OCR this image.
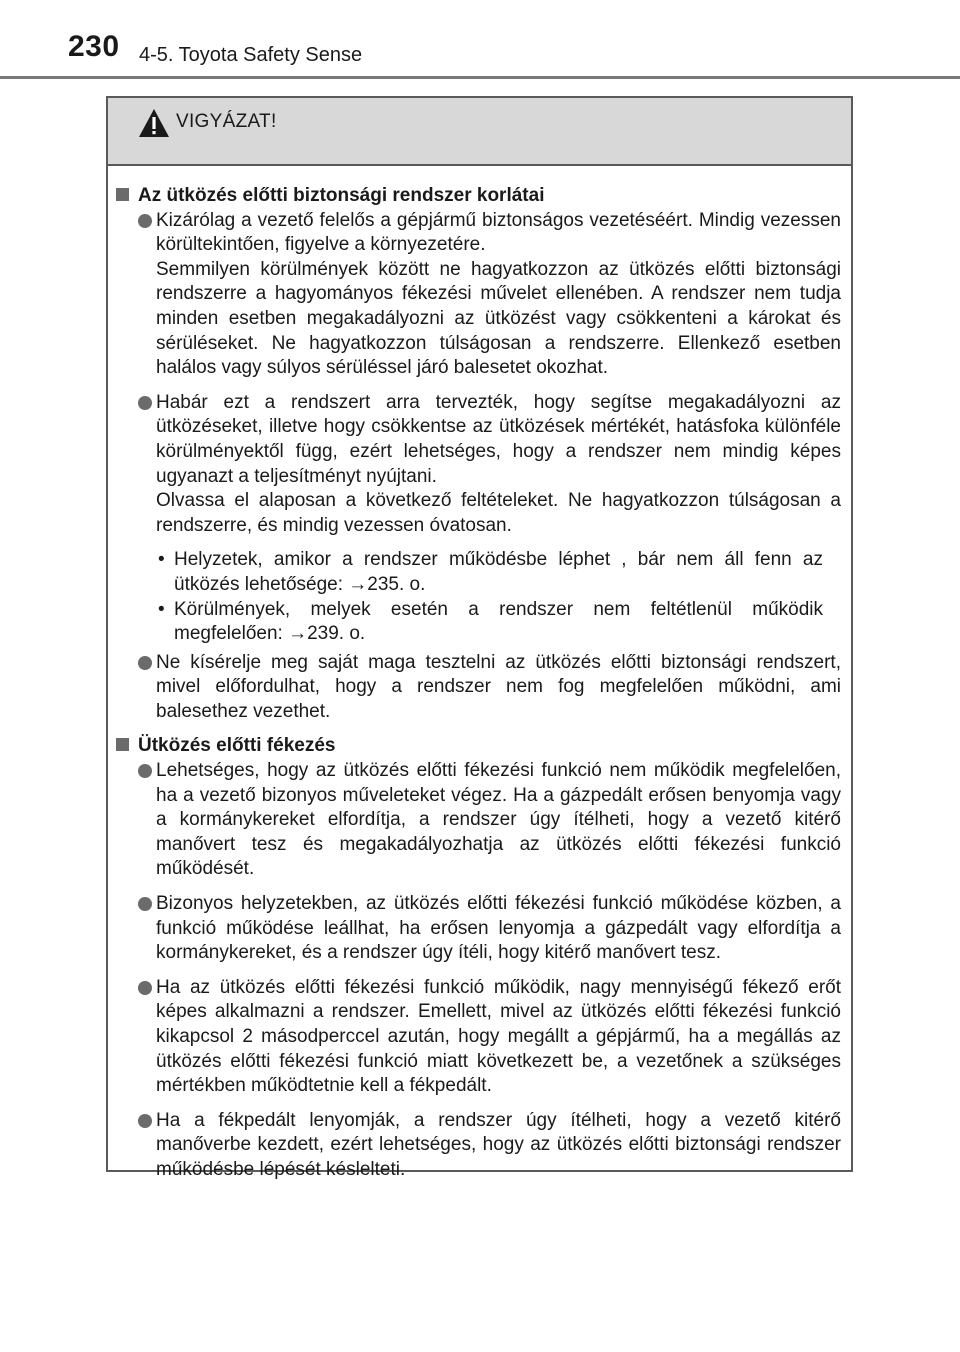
230 4-5. Toyota Safety Sense
VIGYÁZAT!
Az ütközés előtti biztonsági rendszer korlátai

Kizárólag a vezető felelős a gépjármű biztonságos vezetéséért. Mindig vezessen körültekintően, figyelve a környezetére.

Semmilyen körülmények között ne hagyatkozzon az ütközés előtti biztonsági rendszerre a hagyományos fékezési művelet ellenében. A rendszer nem tudja minden esetben megakadályozni az ütközést vagy csökkenteni a károkat és sérüléseket. Ne hagyatkozzon túlságosan a rendszerre. Ellenkező esetben halálos vagy súlyos sérüléssel járó balesetet okozhat.

Habár ezt a rendszert arra tervezték, hogy segítse megakadályozni az ütközéseket, illetve hogy csökkentse az ütközések mértékét, hatásfoka különféle körülményektől függ, ezért lehetséges, hogy a rendszer nem mindig képes ugyanazt a teljesítményt nyújtani.

Olvassa el alaposan a következő feltételeket. Ne hagyatkozzon túlságosan a rendszerre, és mindig vezessen óvatosan.

• Helyzetek, amikor a rendszer működésbe léphet , bár nem áll fenn az ütközés lehetősége: →235. o.

• Körülmények, melyek esetén a rendszer nem feltétlenül működik megfelelően: →239. o.

Ne kísérelje meg saját maga tesztelni az ütközés előtti biztonsági rendszert, mivel előfordulhat, hogy a rendszer nem fog megfelelően működni, ami balesethez vezethet.

Ütközés előtti fékezés

Lehetséges, hogy az ütközés előtti fékezési funkció nem működik megfelelően, ha a vezető bizonyos műveleteket végez. Ha a gázpedált erősen benyomja vagy a kormánykereket elfordítja, a rendszer úgy ítélheti, hogy a vezető kitérő manővert tesz és megakadályozhatja az ütközés előtti fékezési funkció működését.

Bizonyos helyzetekben, az ütközés előtti fékezési funkció működése közben, a funkció működése leállhat, ha erősen lenyomja a gázpedált vagy elfordítja a kormánykereket, és a rendszer úgy ítéli, hogy kitérő manővert tesz.

Ha az ütközés előtti fékezési funkció működik, nagy mennyiségű fékező erőt képes alkalmazni a rendszer. Emellett, mivel az ütközés előtti fékezési funkció kikapcsol 2 másodperccel azután, hogy megállt a gépjármű, ha a megállás az ütközés előtti fékezési funkció miatt következett be, a vezetőnek a szükséges mértékben működtetnie kell a fékpedált.

Ha a fékpedált lenyomják, a rendszer úgy ítélheti, hogy a vezető kitérő manőverbe kezdett, ezért lehetséges, hogy az ütközés előtti biztonsági rendszer működésbe lépését késlelteti.
